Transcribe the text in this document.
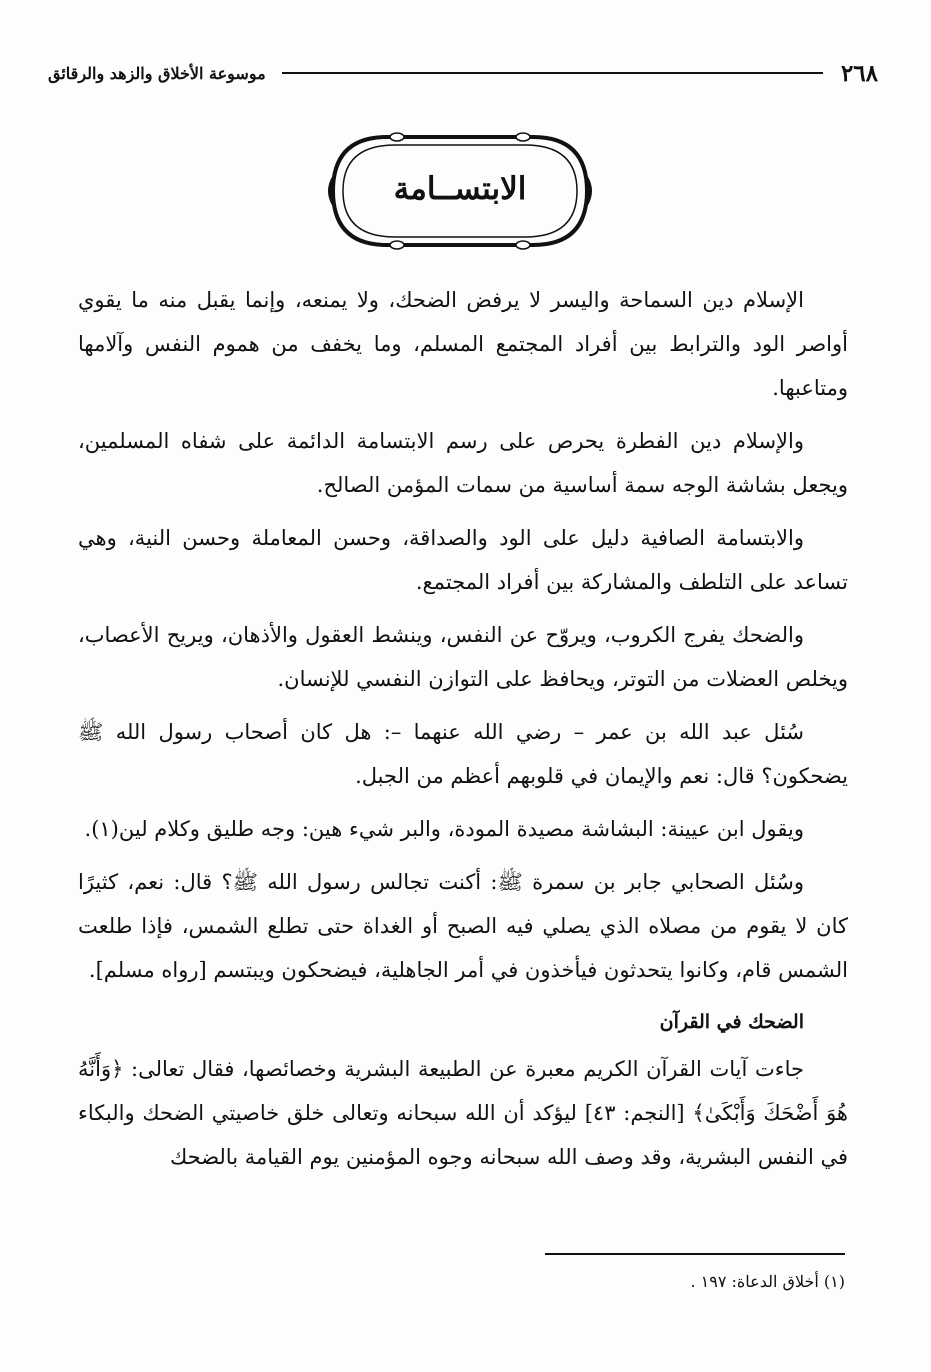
٢٦٨
موسوعة الأخلاق والزهد والرقائق
الابتســامة

الإسلام دين السماحة واليسر لا يرفض الضحك، ولا يمنعه، وإنما يقبل منه ما يقوي أواصر الود والترابط بين أفراد المجتمع المسلم، وما يخفف من هموم النفس وآلامها ومتاعبها.

والإسلام دين الفطرة يحرص على رسم الابتسامة الدائمة على شفاه المسلمين، ويجعل بشاشة الوجه سمة أساسية من سمات المؤمن الصالح.

والابتسامة الصافية دليل على الود والصداقة، وحسن المعاملة وحسن النية، وهي تساعد على التلطف والمشاركة بين أفراد المجتمع.

والضحك يفرج الكروب، ويروّح عن النفس، وينشط العقول والأذهان، ويريح الأعصاب، ويخلص العضلات من التوتر، ويحافظ على التوازن النفسي للإنسان.

سُئل عبد الله بن عمر – رضي الله عنهما –: هل كان أصحاب رسول الله ﷺ يضحكون؟ قال: نعم والإيمان في قلوبهم أعظم من الجبل.

ويقول ابن عيينة: البشاشة مصيدة المودة، والبر شيء هين: وجه طليق وكلام لين(١).

وسُئل الصحابي جابر بن سمرة ﷺ: أكنت تجالس رسول الله ﷺ؟ قال: نعم، كثيرًا كان لا يقوم من مصلاه الذي يصلي فيه الصبح أو الغداة حتى تطلع الشمس، فإذا طلعت الشمس قام، وكانوا يتحدثون فيأخذون في أمر الجاهلية، فيضحكون ويبتسم [رواه مسلم].

الضحك في القرآن

جاءت آيات القرآن الكريم معبرة عن الطبيعة البشرية وخصائصها، فقال تعالى: ﴿وَأَنَّهُ هُوَ أَضْحَكَ وَأَبْكَىٰ﴾ [النجم: ٤٣] ليؤكد أن الله سبحانه وتعالى خلق خاصيتي الضحك والبكاء في النفس البشرية، وقد وصف الله سبحانه وجوه المؤمنين يوم القيامة بالضحك

(١) أخلاق الدعاة: ١٩٧ .
